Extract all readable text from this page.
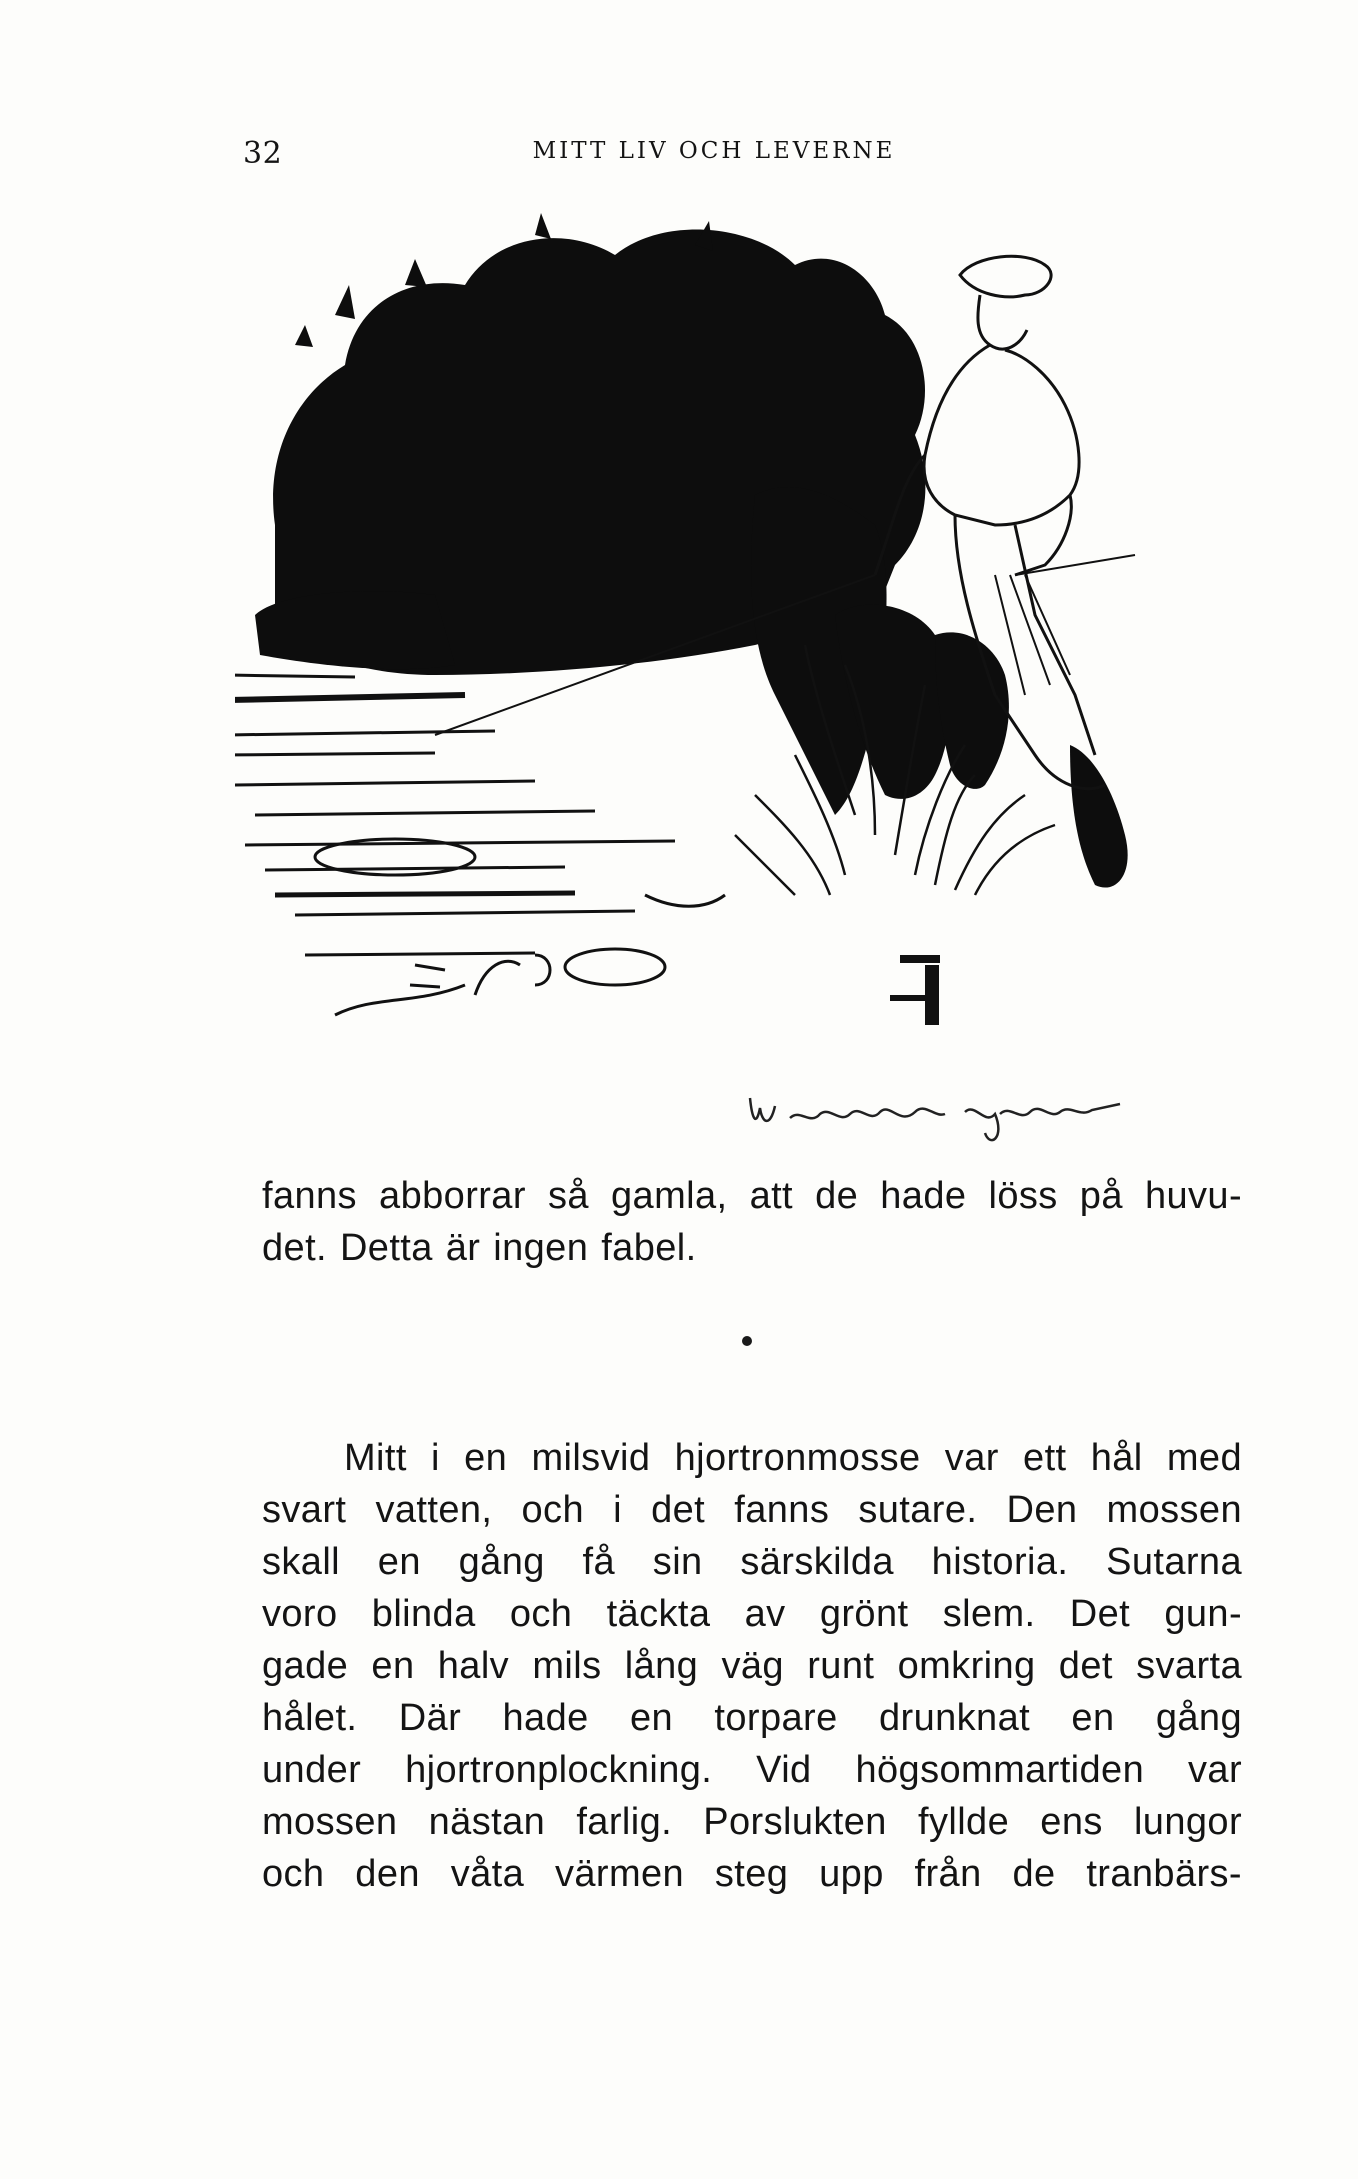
32	MITT LIV OCH LEVERNE
fanns abborrar så gamla, att de hade löss på huvu-
det. Detta är ingen fabel.
Mitt i en milsvid hjortronmosse var ett hål med
svart vatten, och i det fanns sutare. Den mossen
skall en gång få sin särskilda historia. Sutarna
voro blinda och täckta av grönt slem. Det gun-
gade en halv mils lång väg runt omkring det svarta
hålet. Där hade en torpare drunknat en gång
under hjortronplockning. Vid högsommartiden var
mossen nästan farlig. Porslukten fyllde ens lungor
och den våta värmen steg upp från de tranbärs-
